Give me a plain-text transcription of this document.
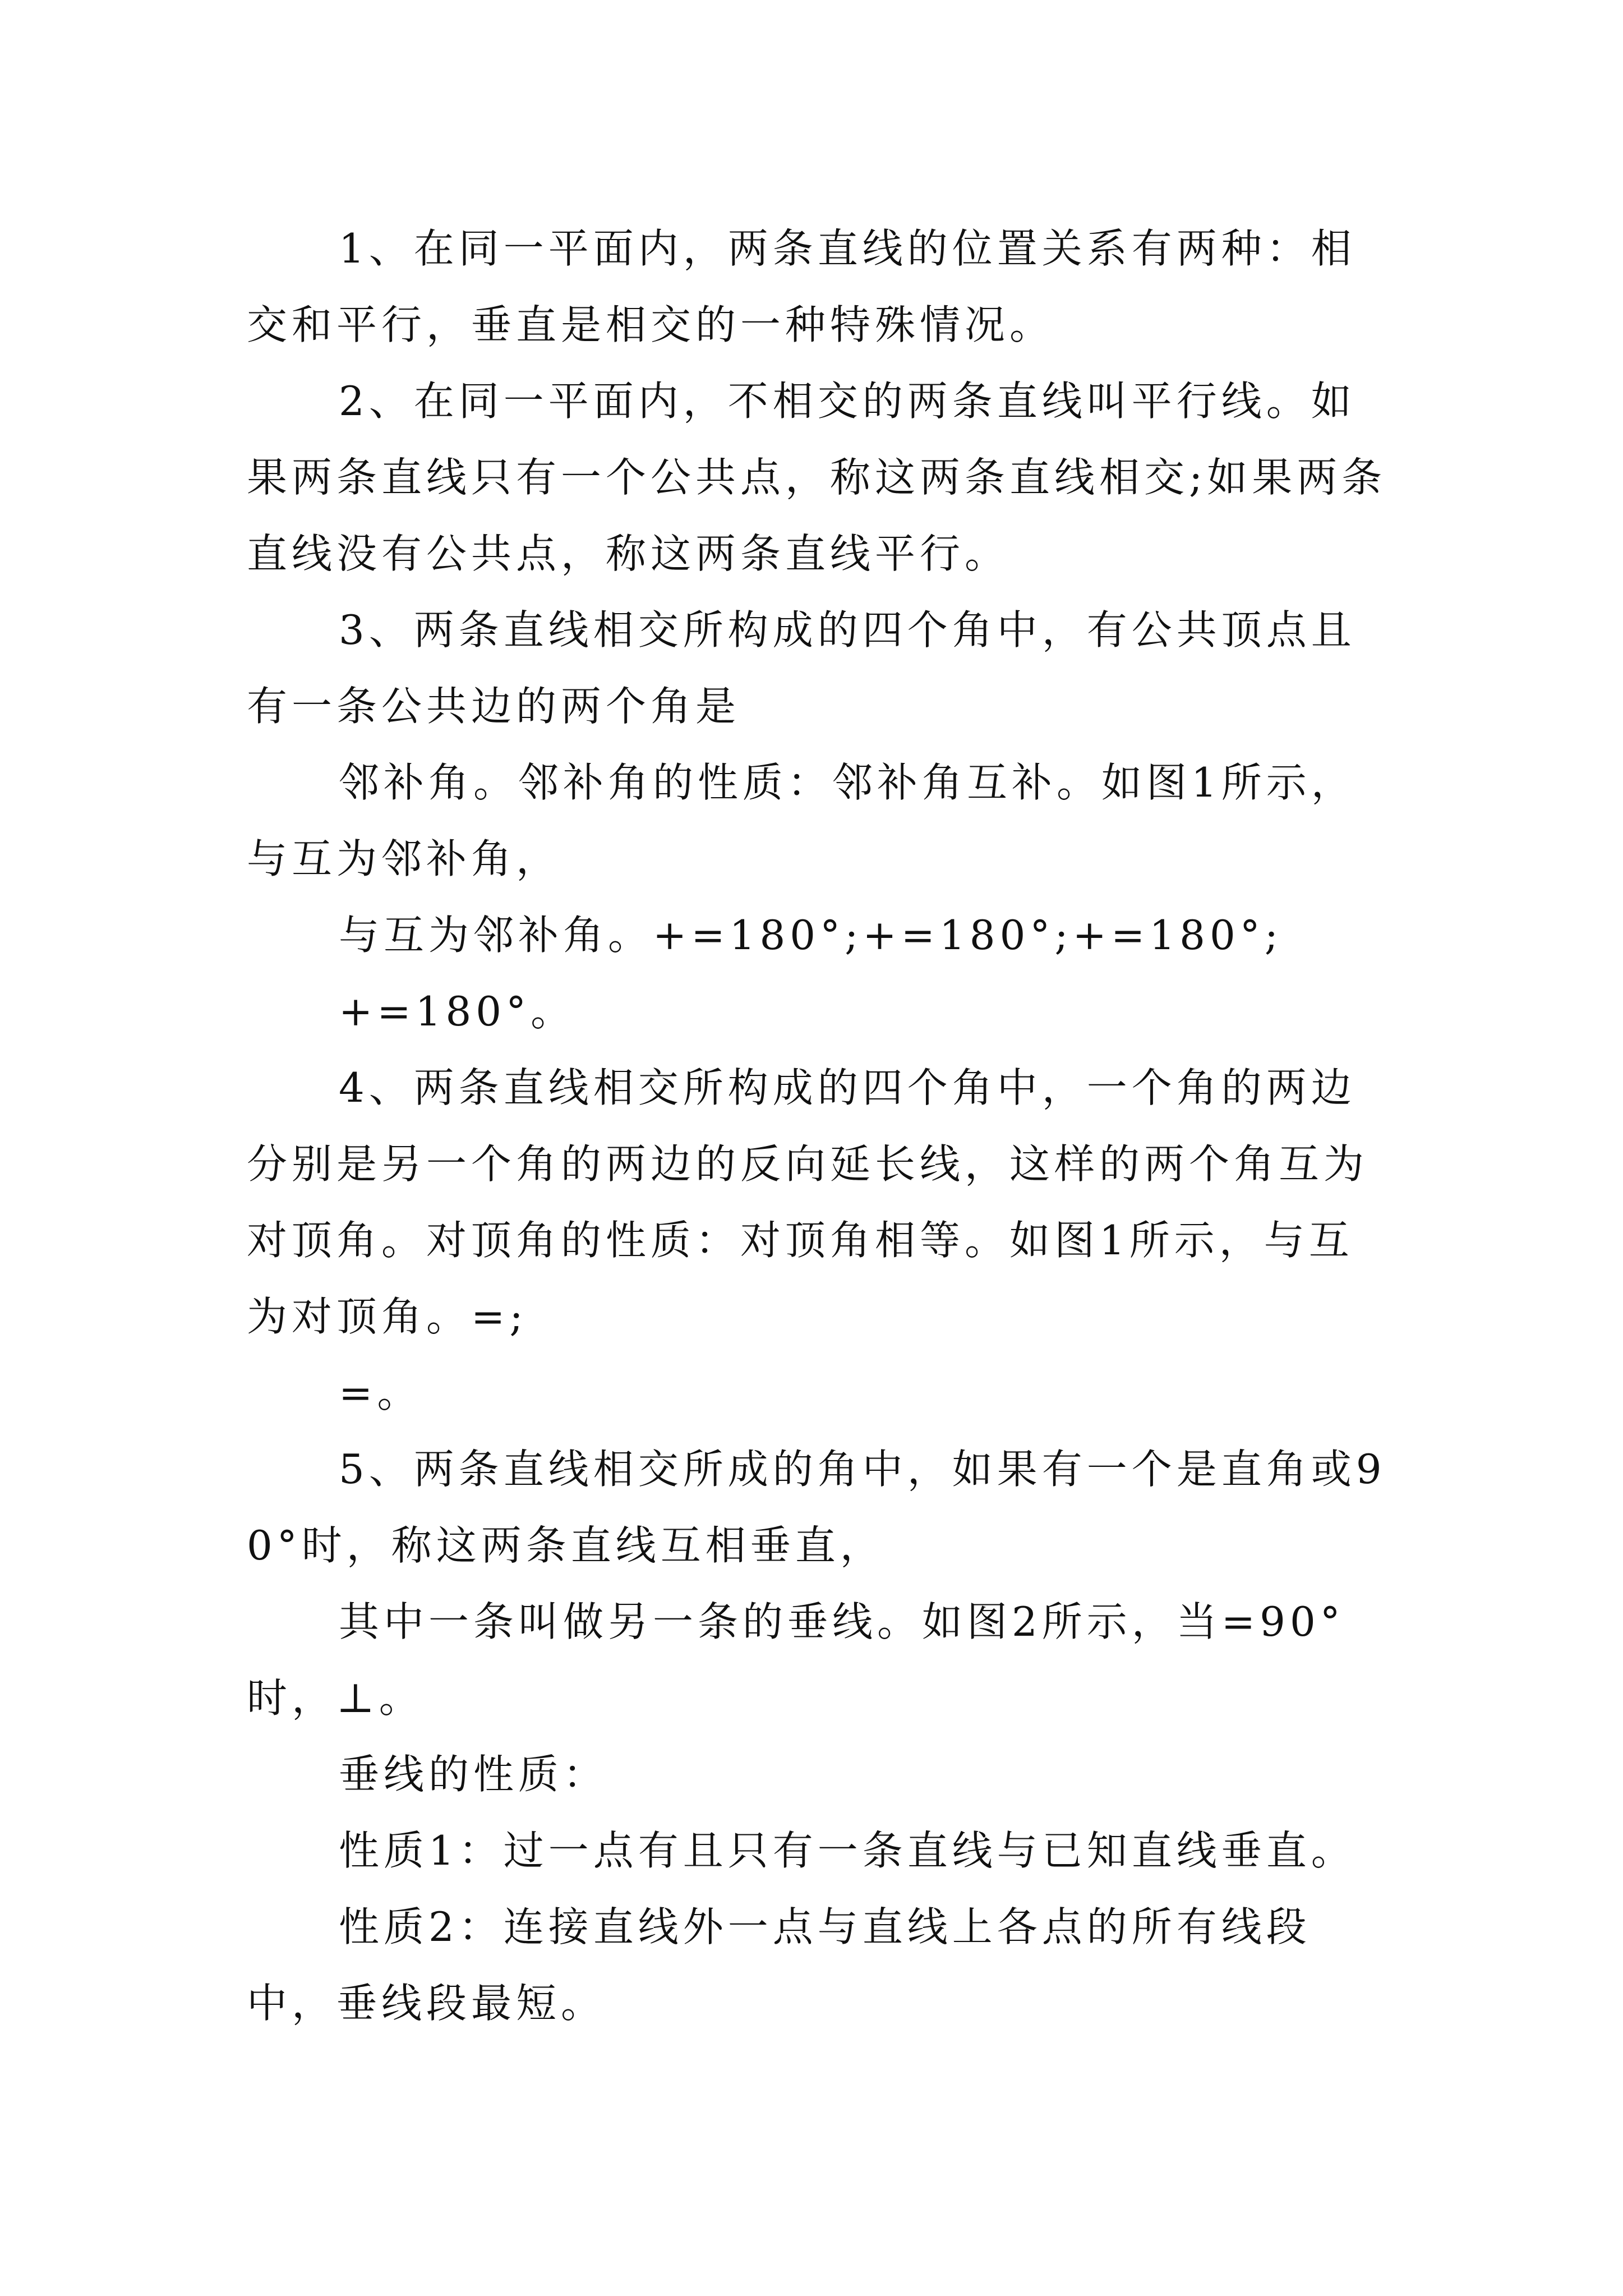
1、在同一平面内，两条直线的位置关系有两种：相交和平行，垂直是相交的一种特殊情况。

2、在同一平面内，不相交的两条直线叫平行线。如果两条直线只有一个公共点，称这两条直线相交;如果两条直线没有公共点，称这两条直线平行。

3、两条直线相交所构成的四个角中，有公共顶点且有一条公共边的两个角是

邻补角。邻补角的性质：邻补角互补。如图1所示，与互为邻补角，

与互为邻补角。+=180°;+=180°;+=180°;

+=180°。

4、两条直线相交所构成的四个角中，一个角的两边分别是另一个角的两边的反向延长线，这样的两个角互为对顶角。对顶角的性质：对顶角相等。如图1所示，与互为对顶角。=;

=。

5、两条直线相交所成的角中，如果有一个是直角或90°时，称这两条直线互相垂直，

其中一条叫做另一条的垂线。如图2所示，当=90°时，⊥。

垂线的性质：

性质1：过一点有且只有一条直线与已知直线垂直。

性质2：连接直线外一点与直线上各点的所有线段中，垂线段最短。
